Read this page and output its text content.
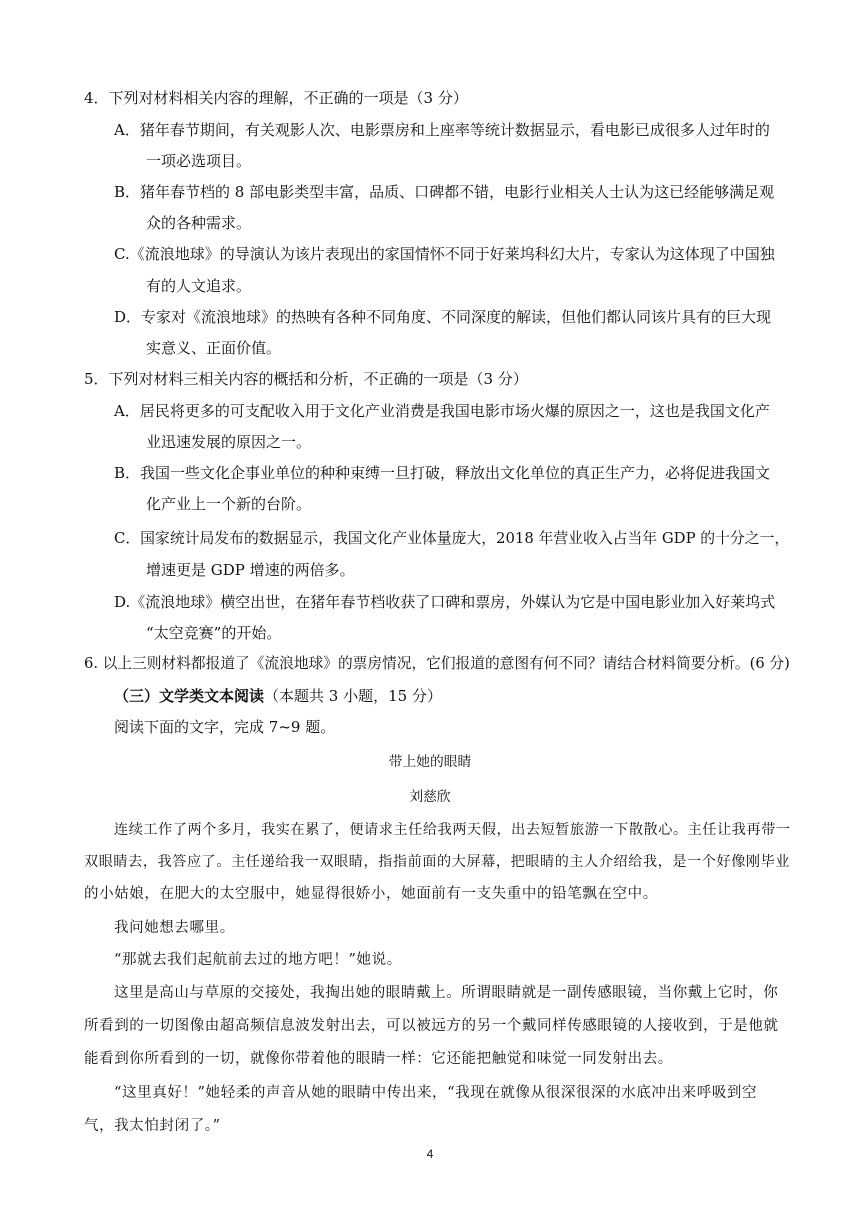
4．下列对材料相关内容的理解，不正确的一项是（3 分）
A．猪年春节期间，有关观影人次、电影票房和上座率等统计数据显示，看电影已成很多人过年时的
一项必选项目。
B．猪年春节档的 8 部电影类型丰富，品质、口碑都不错，电影行业相关人士认为这已经能够满足观
众的各种需求。
C.《流浪地球》的导演认为该片表现出的家国情怀不同于好莱坞科幻大片，专家认为这体现了中国独
有的人文追求。
D．专家对《流浪地球》的热映有各种不同角度、不同深度的解读，但他们都认同该片具有的巨大现
实意义、正面价值。
5．下列对材料三相关内容的概括和分析，不正确的一项是（3 分）
A．居民将更多的可支配收入用于文化产业消费是我国电影市场火爆的原因之一，这也是我国文化产
业迅速发展的原因之一。
B．我国一些文化企事业单位的种种束缚一旦打破，释放出文化单位的真正生产力，必将促进我国文
化产业上一个新的台阶。
C．国家统计局发布的数据显示，我国文化产业体量庞大，2018 年营业收入占当年 GDP 的十分之一，
增速更是 GDP 增速的两倍多。
D.《流浪地球》横空出世，在猪年春节档收获了口碑和票房，外媒认为它是中国电影业加入好莱坞式
“太空竞赛”的开始。
6. 以上三则材料都报道了《流浪地球》的票房情况，它们报道的意图有何不同？请结合材料简要分析。(6 分)
（三）文学类文本阅读（本题共 3 小题，15 分）
阅读下面的文字，完成 7~9 题。
带上她的眼睛
刘慈欣
连续工作了两个多月，我实在累了，便请求主任给我两天假，出去短暂旅游一下散散心。主任让我再带一
双眼睛去，我答应了。主任递给我一双眼睛，指指前面的大屏幕，把眼睛的主人介绍给我，是一个好像刚毕业
的小姑娘，在肥大的太空服中，她显得很娇小，她面前有一支失重中的铅笔飘在空中。
我问她想去哪里。
“那就去我们起航前去过的地方吧！”她说。
这里是高山与草原的交接处，我掏出她的眼睛戴上。所谓眼睛就是一副传感眼镜，当你戴上它时，你
所看到的一切图像由超高频信息波发射出去，可以被远方的另一个戴同样传感眼镜的人接收到，于是他就
能看到你所看到的一切，就像你带着他的眼睛一样：它还能把触觉和味觉一同发射出去。
“这里真好！”她轻柔的声音从她的眼睛中传出来，“我现在就像从很深很深的水底冲出来呼吸到空
气，我太怕封闭了。”
4
